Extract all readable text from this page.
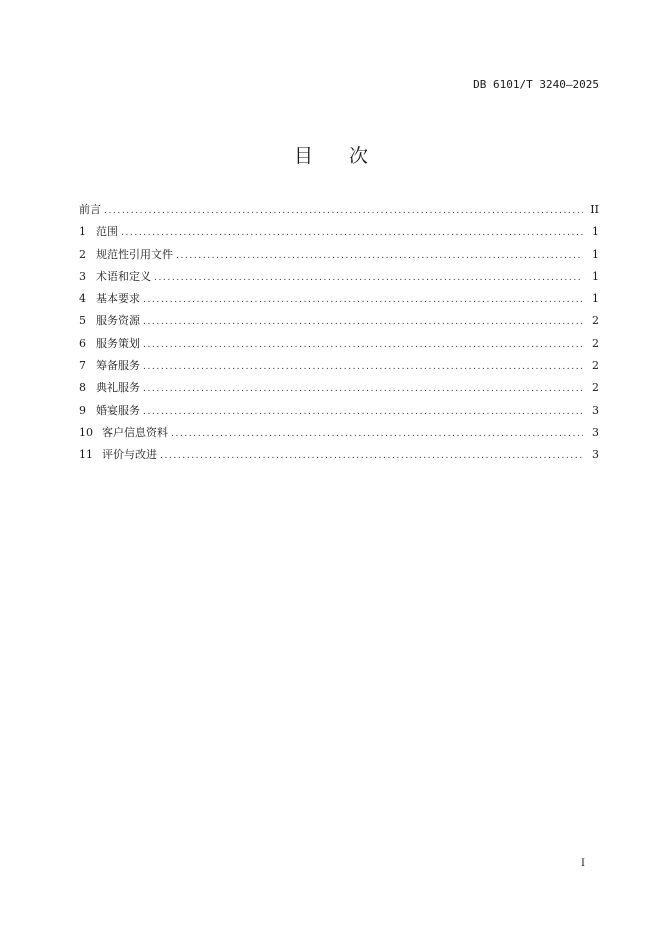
DB 6101/T 3240—2025
目 次
前言 .....	II
1 范围 .....	1
2 规范性引用文件 .....	1
3 术语和定义 .....	1
4 基本要求 .....	1
5 服务资源 .....	2
6 服务策划 .....	2
7 筹备服务 .....	2
8 典礼服务 .....	2
9 婚宴服务 .....	3
10 客户信息资料 .....	3
11 评价与改进 .....	3
I
